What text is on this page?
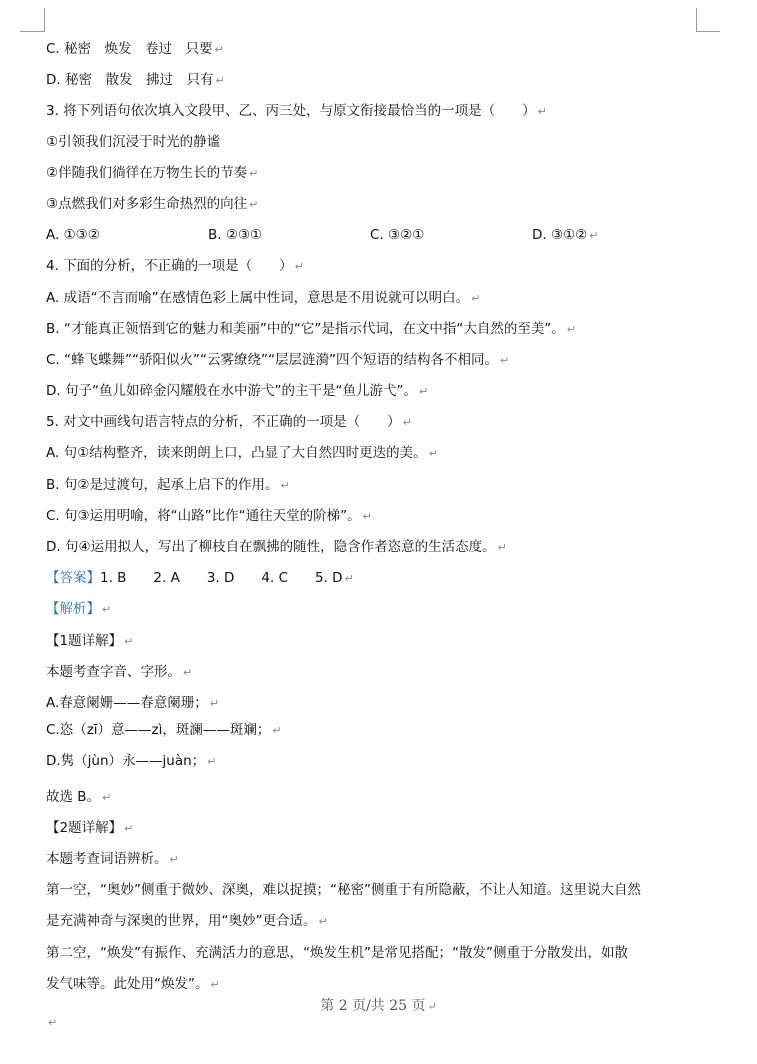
C. 秘密　焕发　卷过　只要 ↵
D. 秘密　散发　拂过　只有 ↵
3. 将下列语句依次填入文段甲、乙、丙三处，与原文衔接最恰当的一项是（　　） ↵
①引领我们沉浸于时光的静谧
②伴随我们徜徉在万物生长的节奏 ↵
③点燃我们对多彩生命热烈的向往 ↵
A. ①③②	B. ②③①	C. ③②①	D. ③①② ↵
4. 下面的分析，不正确的一项是（　　） ↵
A. 成语“不言而喻”在感情色彩上属中性词，意思是不用说就可以明白。 ↵
B. “才能真正领悟到它的魅力和美丽”中的“它”是指示代词，在文中指“大自然的至美”。 ↵
C. “蜂飞蝶舞”“骄阳似火”“云雾缭绕”“层层涟漪”四个短语的结构各不相同。 ↵
D. 句子“鱼儿如碎金闪耀般在水中游弋”的主干是“鱼儿游弋”。 ↵
5. 对文中画线句语言特点的分析，不正确的一项是（　　） ↵
A. 句①结构整齐，读来朗朗上口，凸显了大自然四时更迭的美。 ↵
B. 句②是过渡句，起承上启下的作用。 ↵
C. 句③运用明喻，将“山路”比作“通往天堂的阶梯”。 ↵
D. 句④运用拟人，写出了柳枝自在飘拂的随性，隐含作者恣意的生活态度。 ↵
【答案】1. B　　2. A　　3. D　　4. C　　5. D ↵
【解析】 ↵
【1题详解】 ↵
本题考查字音、字形。 ↵
A.春意阑姗——春意阑珊； ↵
C.恣（zī）意——zì，斑澜——斑斓； ↵
D.隽（jùn）永——juàn； ↵
故选 B。 ↵
【2题详解】 ↵
本题考查词语辨析。 ↵
第一空，“奥妙”侧重于微妙、深奥，难以捉摸；“秘密”侧重于有所隐蔽，不让人知道。这里说大自然
是充满神奇与深奥的世界，用“奥妙”更合适。 ↵
第二空，“焕发”有振作、充满活力的意思，“焕发生机”是常见搭配；“散发”侧重于分散发出，如散
发气味等。此处用“焕发”。 ↵
第 2 页/共 25 页 ↵
↵
